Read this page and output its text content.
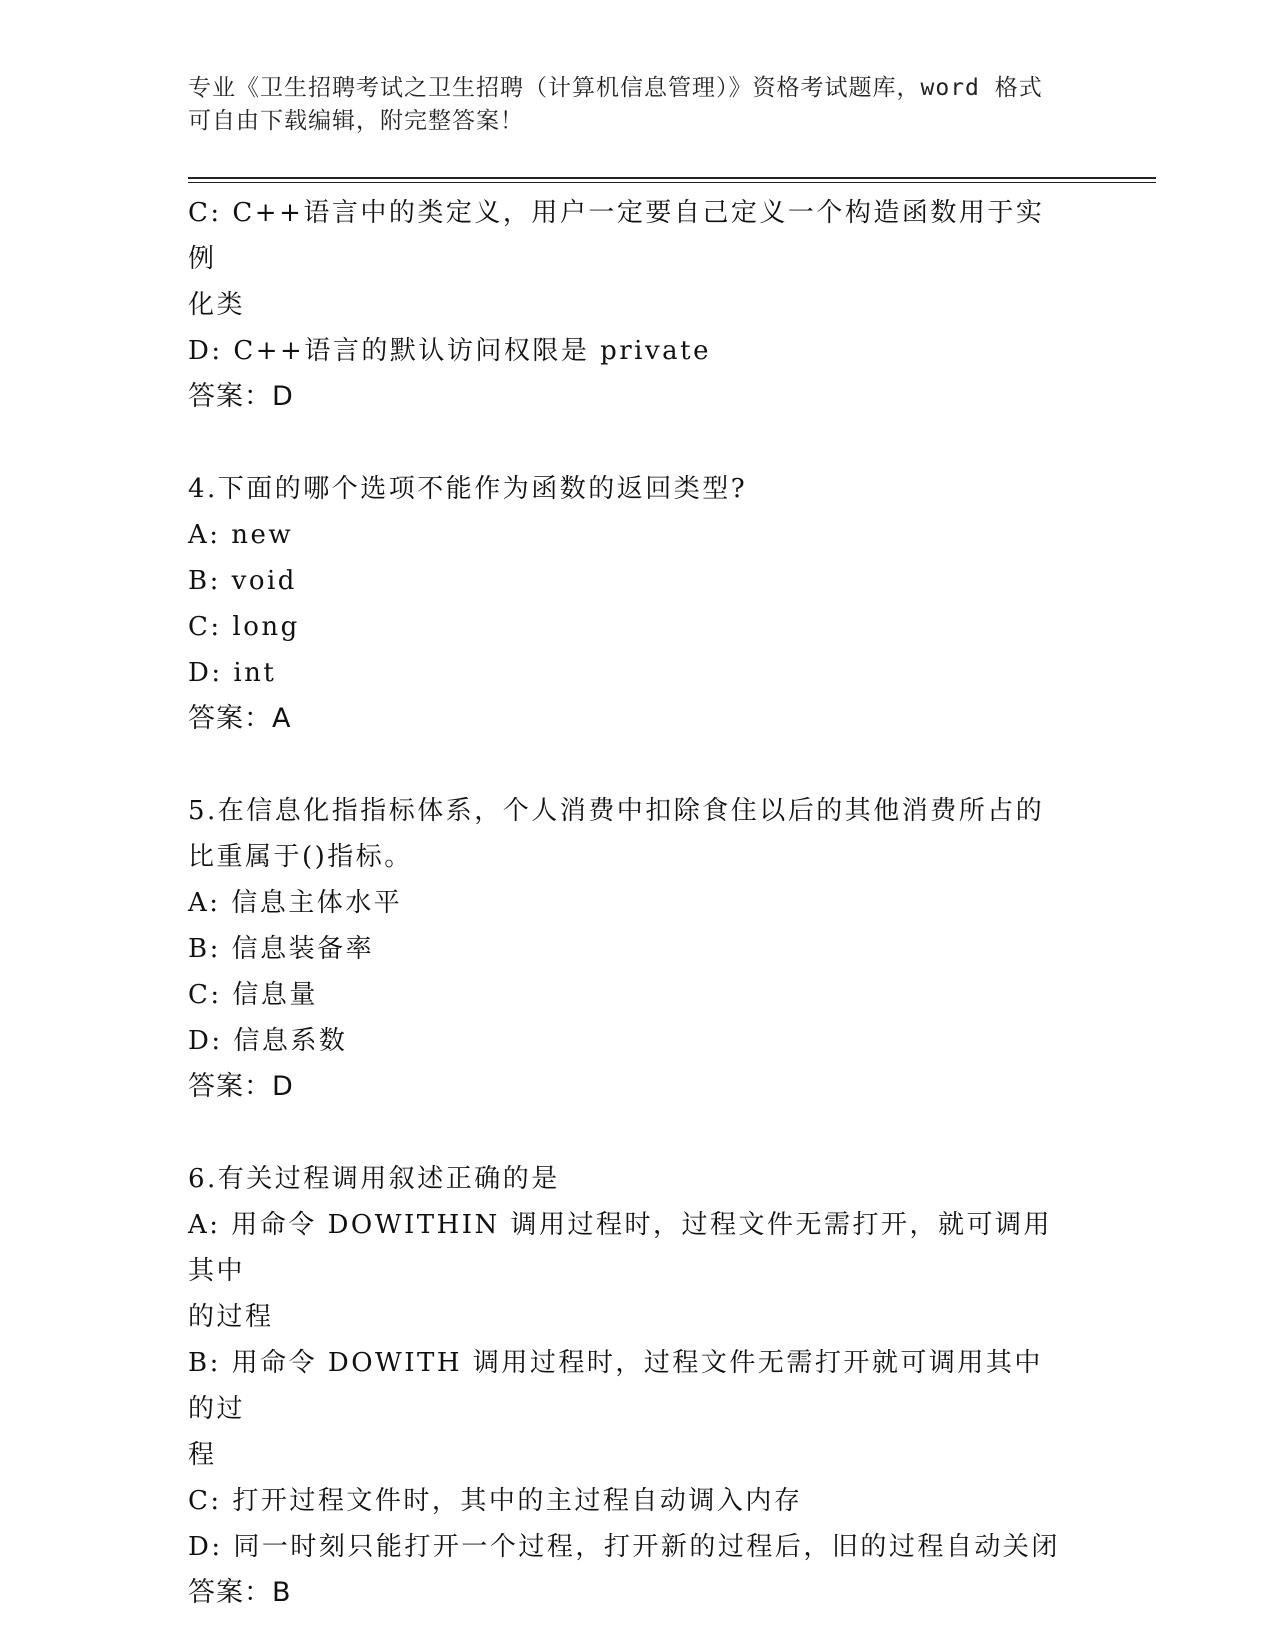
专业《卫生招聘考试之卫生招聘（计算机信息管理）》资格考试题库，word 格式
可自由下载编辑，附完整答案！
C: C++语言中的类定义，用户一定要自己定义一个构造函数用于实例
化类
D: C++语言的默认访问权限是 private
答案：D
4.下面的哪个选项不能作为函数的返回类型?
A: new
B: void
C: long
D: int
答案：A
5.在信息化指指标体系，个人消费中扣除食住以后的其他消费所占的
比重属于()指标。
A: 信息主体水平
B: 信息装备率
C: 信息量
D: 信息系数
答案：D
6.有关过程调用叙述正确的是
A: 用命令 DOWITHIN 调用过程时，过程文件无需打开，就可调用其中
的过程
B: 用命令 DOWITH 调用过程时，过程文件无需打开就可调用其中的过
程
C: 打开过程文件时，其中的主过程自动调入内存
D: 同一时刻只能打开一个过程，打开新的过程后，旧的过程自动关闭
答案：B
